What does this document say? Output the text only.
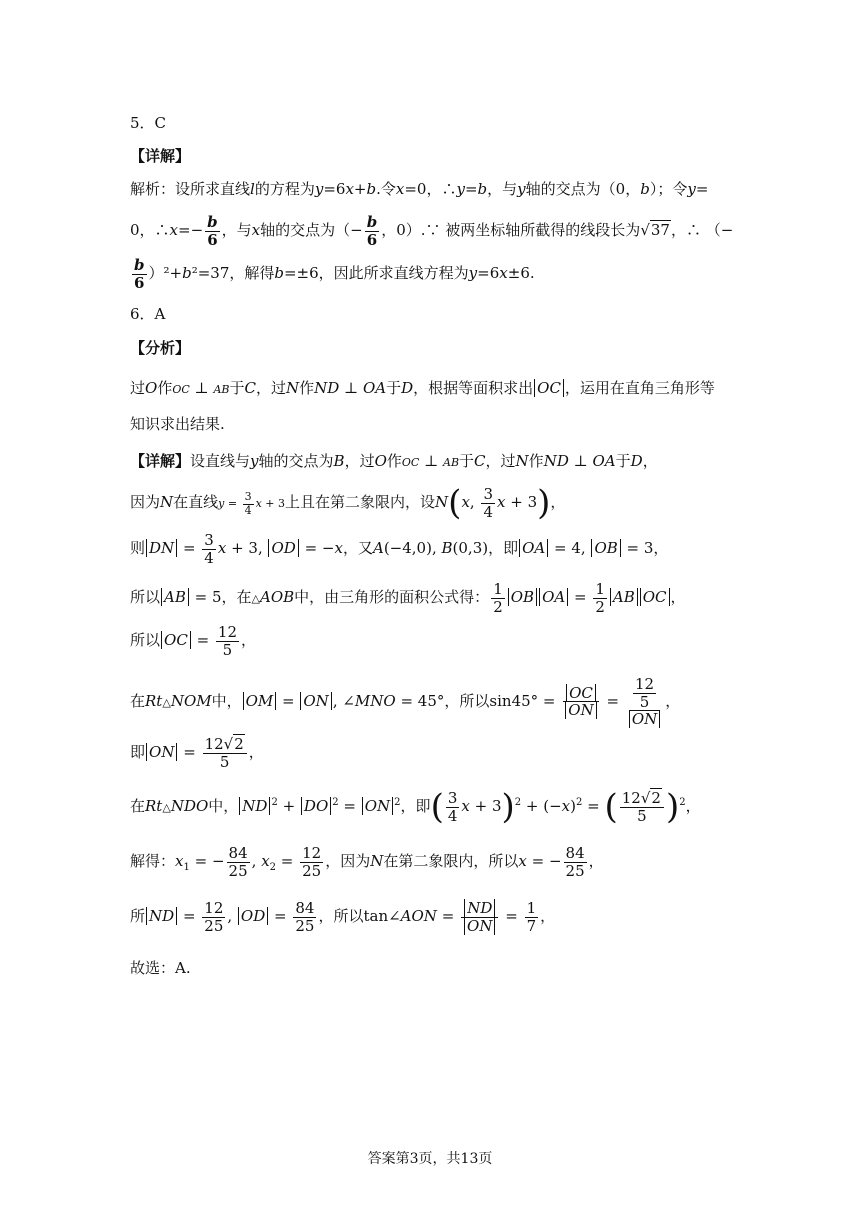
5．C
【详解】
解析：设所求直线l的方程为y=6x+b.令x=0，∴y=b，与y轴的交点为（0，b）；令y=
0，∴x=− $\frac{b}{6}$ ，与x轴的交点为（− $\frac{b}{6}$ ，0）.∵ 被两坐标轴所截得的线段长为√37，∴ （−
$\frac{b}{6} )^2+b^2=37$，解得b=±6，因此所求直线方程为y=6x±6.
6．A
【分析】
过O作OC ⊥ AB于C，过N作ND ⊥ OA于D，根据等面积求出 OC ，运用在直角三角形等
知识求出结果.
【详解】设直线与y轴的交点为B，过O作OC ⊥ AB于C，过N作ND ⊥ OA于D，
因为N在直线$y = \frac{3}{4}$ x + 3上且在第二象限内，设N(x, $\frac{3}{4}$ x + 3)，
则 DN = $\frac{3}{4}$ x + 3, OD = −x，又A(−4,0), B(0,3)，即 OA = 4, OB = 3，
所以 AB = 5，在△AOB中，由三角形的面积公式得： $\frac{1}{2}$ OB OA = $\frac{1}{2}$ AB OC ，
所以 OC = $\frac{12}{5}$ ，
在Rt△NOM中， OM = ON , ∠MNO = 45°，所以$\sin 45^\circ = \frac{OC}{ON} = \frac{\frac{12}{5}}{ON}$ ，
即 ON = $\frac{12√2}{5}$ ，
在Rt△NDO中， ND $^2$ + DO $^2$ = ON $^2$，即( $\frac{3}{4}$ $x + 3)^2 + (-x)^2$ = ( $\frac{12√2}{5} )^2$，
解得：$x_1$ = − $\frac{84}{25}$ , $x_2 = \frac{12}{25}$ ，因为N在第二象限内，所以x = − $\frac{84}{25}$ ，
所 ND = $\frac{12}{25}$ , OD = $\frac{84}{25}$ ，所以tan∠AON = $\frac{ND}{ON} = \frac{1}{7}$ ，
故选：A.
答案第3页，共13页
